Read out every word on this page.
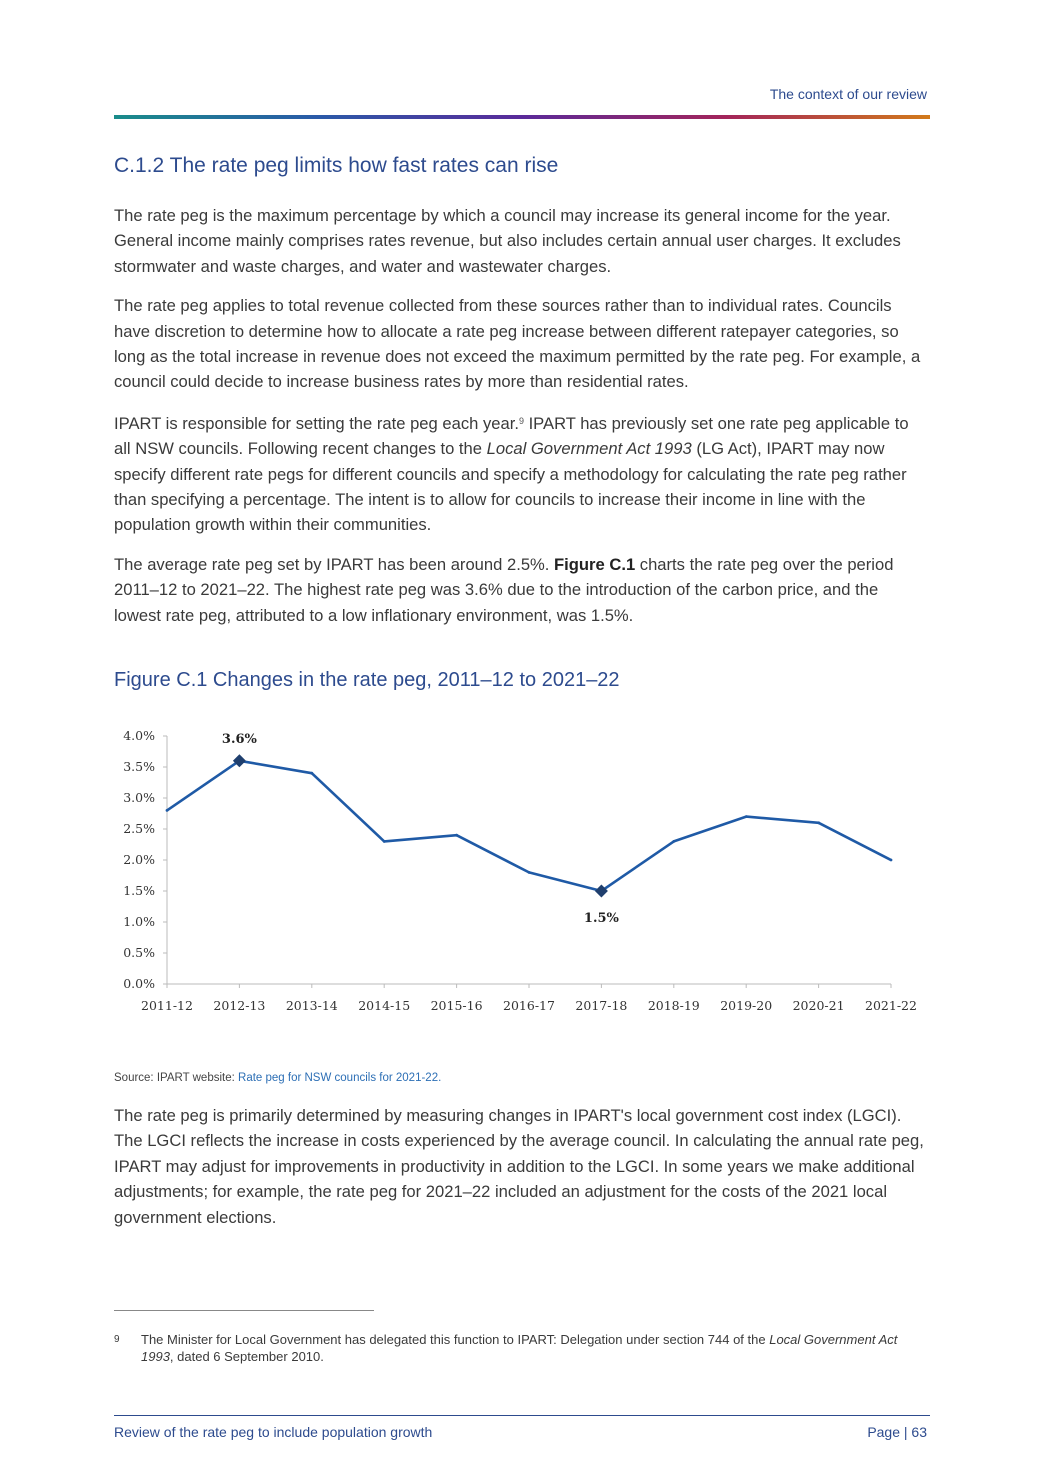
The context of our review
C.1.2 The rate peg limits how fast rates can rise

The rate peg is the maximum percentage by which a council may increase its general income for the year. General income mainly comprises rates revenue, but also includes certain annual user charges. It excludes stormwater and waste charges, and water and wastewater charges.

The rate peg applies to total revenue collected from these sources rather than to individual rates. Councils have discretion to determine how to allocate a rate peg increase between different ratepayer categories, so long as the total increase in revenue does not exceed the maximum permitted by the rate peg. For example, a council could decide to increase business rates by more than residential rates.

IPART is responsible for setting the rate peg each year.$^9$ IPART has previously set one rate peg applicable to all NSW councils. Following recent changes to the Local Government Act 1993 (LG Act), IPART may now specify different rate pegs for different councils and specify a methodology for calculating the rate peg rather than specifying a percentage. The intent is to allow for councils to increase their income in line with the population growth within their communities.

The average rate peg set by IPART has been around 2.5%. Figure C.1 charts the rate peg over the period 2011–12 to 2021–22. The highest rate peg was 3.6% due to the introduction of the carbon price, and the lowest rate peg, attributed to a low inflationary environment, was 1.5%.

Figure C.1 Changes in the rate peg, 2011–12 to 2021–22
0.0%
0.5%
1.0%
1.5%
2.0%
2.5%
3.0%
3.5%
4.0%
2011-12 2012-13 2013-14 2014-15 2015-16 2016-17 2017-18 2018-19 2019-20 2020-21 2021-22
3.6%
1.5%
Source: IPART website: Rate peg for NSW councils for 2021-22.

The rate peg is primarily determined by measuring changes in IPART's local government cost index (LGCI). The LGCI reflects the increase in costs experienced by the average council. In calculating the annual rate peg, IPART may adjust for improvements in productivity in addition to the LGCI. In some years we make additional adjustments; for example, the rate peg for 2021–22 included an adjustment for the costs of the 2021 local government elections.

9 The Minister for Local Government has delegated this function to IPART: Delegation under section 744 of the Local Government Act 1993, dated 6 September 2010.
Review of the rate peg to include population growth	Page | 63
